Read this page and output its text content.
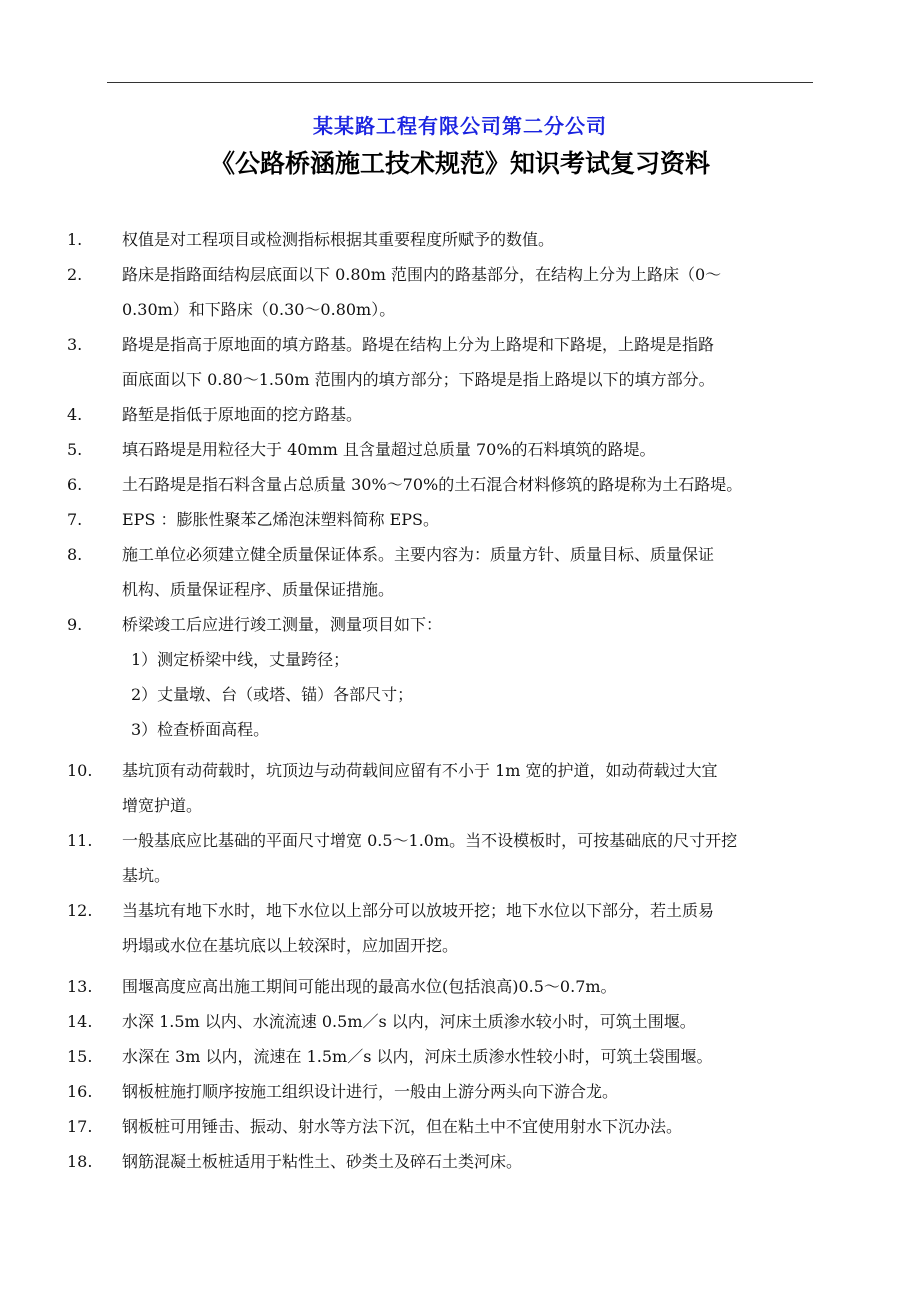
某某路工程有限公司第二分公司
《公路桥涵施工技术规范》知识考试复习资料
1.	权值是对工程项目或检测指标根据其重要程度所赋予的数值。
2.	路床是指路面结构层底面以下 0.80m 范围内的路基部分，在结构上分为上路床（0～
0.30m）和下路床（0.30～0.80m）。
3.	路堤是指高于原地面的填方路基。路堤在结构上分为上路堤和下路堤，上路堤是指路
面底面以下 0.80～1.50m 范围内的填方部分；下路堤是指上路堤以下的填方部分。
4.	路堑是指低于原地面的挖方路基。
5.	填石路堤是用粒径大于 40mm 且含量超过总质量 70%的石料填筑的路堤。
6.	土石路堤是指石料含量占总质量 30%～70%的土石混合材料修筑的路堤称为土石路堤。
7.	EPS ：膨胀性聚苯乙烯泡沫塑料简称 EPS。
8.	施工单位必须建立健全质量保证体系。主要内容为：质量方针、质量目标、质量保证
机构、质量保证程序、质量保证措施。
9.	桥梁竣工后应进行竣工测量，测量项目如下：
1）测定桥梁中线，丈量跨径；
2）丈量墩、台（或塔、锚）各部尺寸；
3）检查桥面高程。
10.	基坑顶有动荷载时，坑顶边与动荷载间应留有不小于 1m 宽的护道，如动荷载过大宜
增宽护道。
11.	一般基底应比基础的平面尺寸增宽 0.5～1.0m。当不设模板时，可按基础底的尺寸开挖
基坑。
12.	当基坑有地下水时，地下水位以上部分可以放坡开挖；地下水位以下部分，若土质易
坍塌或水位在基坑底以上较深时，应加固开挖。
13.	围堰高度应高出施工期间可能出现的最高水位(包括浪高)0.5～0.7m。
14.	水深 1.5m 以内、水流流速 0.5m／s 以内，河床土质渗水较小时，可筑土围堰。
15.	水深在 3m 以内，流速在 1.5m／s 以内，河床土质渗水性较小时，可筑土袋围堰。
16.	钢板桩施打顺序按施工组织设计进行，一般由上游分两头向下游合龙。
17.	钢板桩可用锤击、振动、射水等方法下沉，但在粘土中不宜使用射水下沉办法。
18.	钢筋混凝土板桩适用于粘性土、砂类土及碎石土类河床。
